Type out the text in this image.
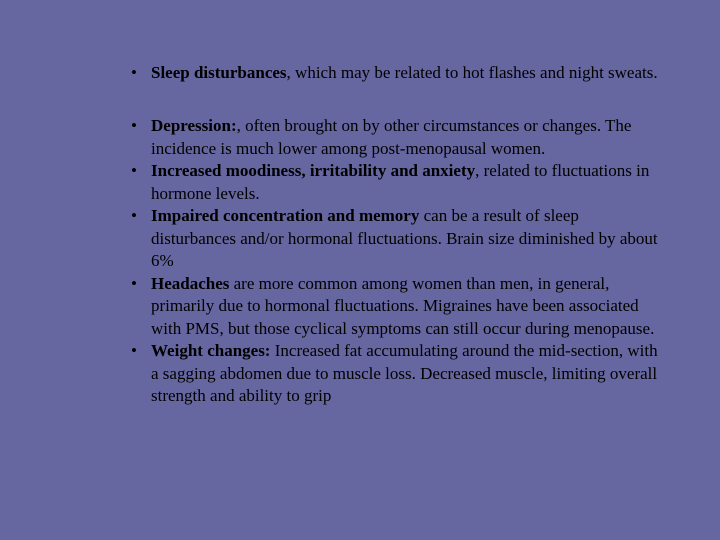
• Sleep disturbances, which may be related to hot flashes and night sweats.
• Depression:, often brought on by other circumstances or changes. The incidence is much lower among post-menopausal women.
• Increased moodiness, irritability and anxiety, related to fluctuations in hormone levels.
• Impaired concentration and memory can be a result of sleep disturbances and/or hormonal fluctuations. Brain size diminished by about 6%
• Headaches are more common among women than men, in general, primarily due to hormonal fluctuations. Migraines have been associated with PMS, but those cyclical symptoms can still occur during menopause.
• Weight changes: Increased fat accumulating around the mid-section, with a sagging abdomen due to muscle loss. Decreased muscle, limiting overall strength and ability to grip
